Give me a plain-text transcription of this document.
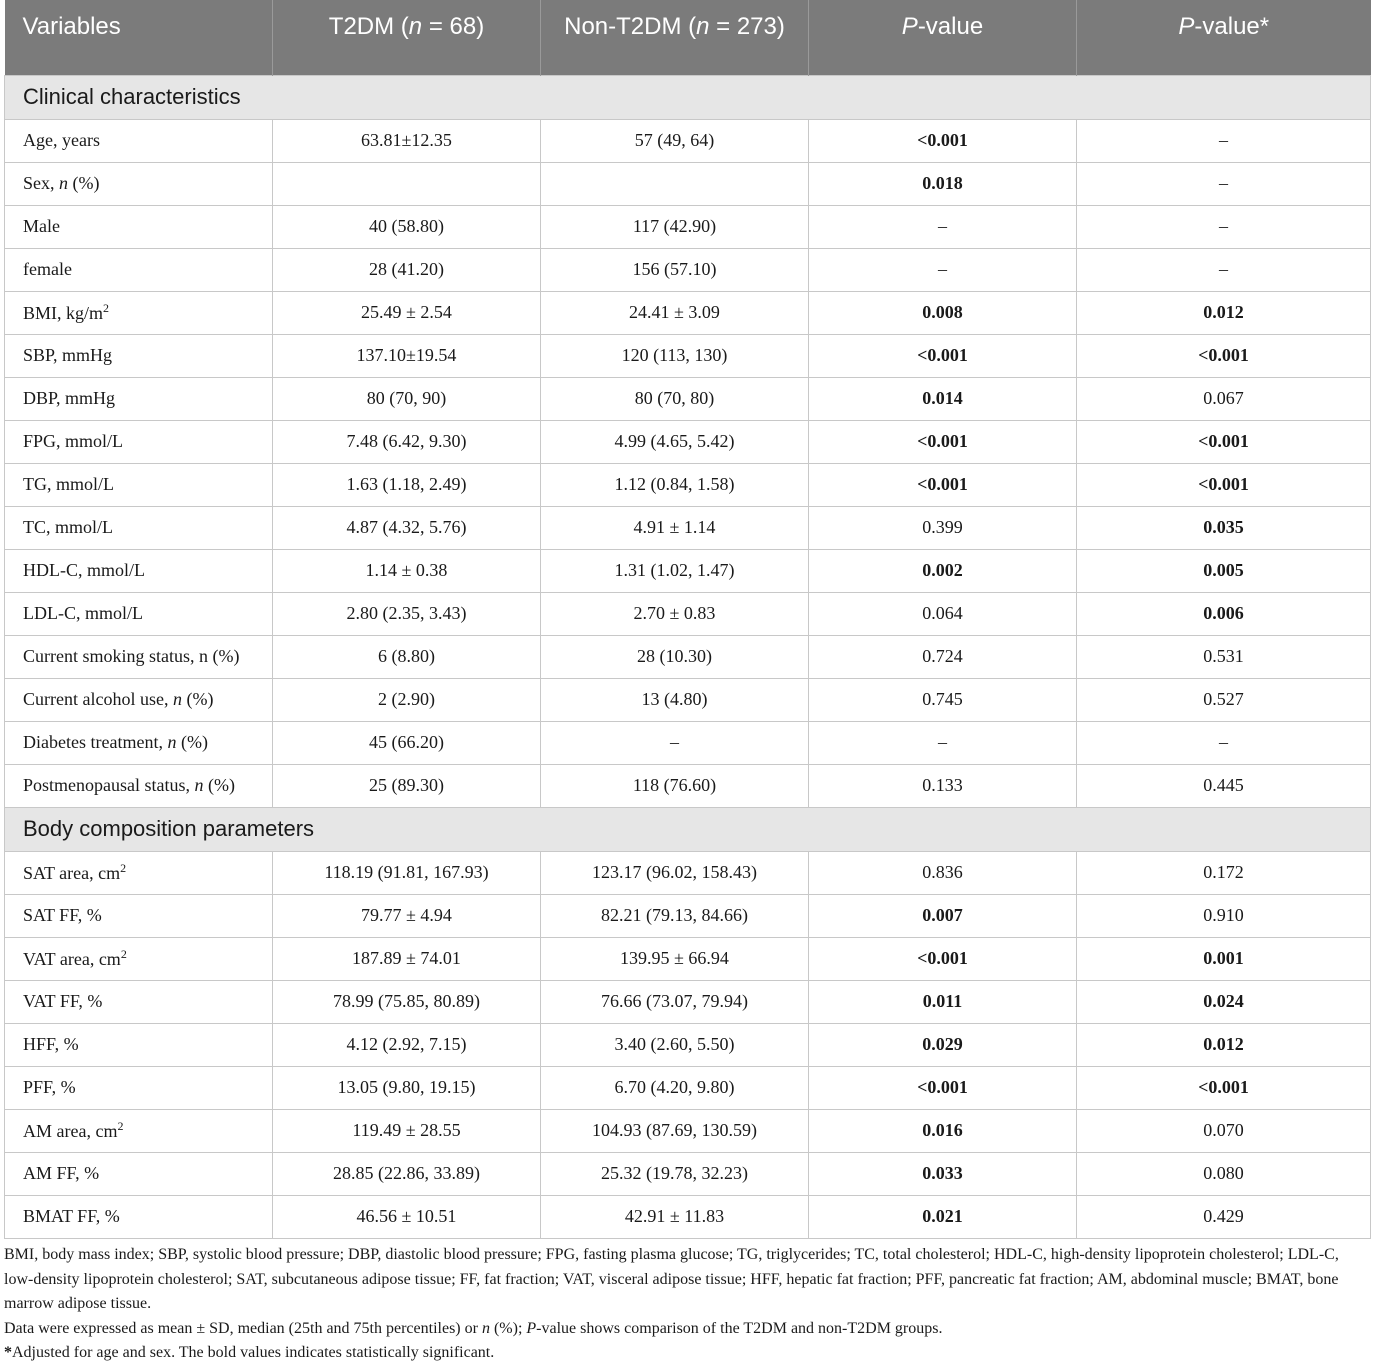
Variables	T2DM (n = 68)	Non-T2DM (n = 273)	P-value	P-value*
Clinical characteristics				
Age, years	63.81±12.35	57 (49, 64)	<0.001	–
Sex, n (%)			0.018	–
Male	40 (58.80)	117 (42.90)	–	–
female	28 (41.20)	156 (57.10)	–	–
BMI, $kg/m^2$	25.49 ± 2.54	24.41 ± 3.09	0.008	0.012
SBP, mmHg	137.10±19.54	120 (113, 130)	<0.001	<0.001
DBP, mmHg	80 (70, 90)	80 (70, 80)	0.014	0.067
FPG, mmol/L	7.48 (6.42, 9.30)	4.99 (4.65, 5.42)	<0.001	<0.001
TG, mmol/L	1.63 (1.18, 2.49)	1.12 (0.84, 1.58)	<0.001	<0.001
TC, mmol/L	4.87 (4.32, 5.76)	4.91 ± 1.14	0.399	0.035
HDL-C, mmol/L	1.14 ± 0.38	1.31 (1.02, 1.47)	0.002	0.005
LDL-C, mmol/L	2.80 (2.35, 3.43)	2.70 ± 0.83	0.064	0.006
Current smoking status, n (%)	6 (8.80)	28 (10.30)	0.724	0.531
Current alcohol use, n (%)	2 (2.90)	13 (4.80)	0.745	0.527
Diabetes treatment, n (%)	45 (66.20)	–	–	–
Postmenopausal status, n (%)	25 (89.30)	118 (76.60)	0.133	0.445
Body composition parameters				
SAT area, $cm^2$	118.19 (91.81, 167.93)	123.17 (96.02, 158.43)	0.836	0.172
SAT FF, %	79.77 ± 4.94	82.21 (79.13, 84.66)	0.007	0.910
VAT area, $cm^2$	187.89 ± 74.01	139.95 ± 66.94	<0.001	0.001
VAT FF, %	78.99 (75.85, 80.89)	76.66 (73.07, 79.94)	0.011	0.024
HFF, %	4.12 (2.92, 7.15)	3.40 (2.60, 5.50)	0.029	0.012
PFF, %	13.05 (9.80, 19.15)	6.70 (4.20, 9.80)	<0.001	<0.001
AM area, $cm^2$	119.49 ± 28.55	104.93 (87.69, 130.59)	0.016	0.070
AM FF, %	28.85 (22.86, 33.89)	25.32 (19.78, 32.23)	0.033	0.080
BMAT FF, %	46.56 ± 10.51	42.91 ± 11.83	0.021	0.429

BMI, body mass index; SBP, systolic blood pressure; DBP, diastolic blood pressure; FPG, fasting plasma glucose; TG, triglycerides; TC, total cholesterol; HDL-C, high-density lipoprotein cholesterol; LDL-C, low-density lipoprotein cholesterol; SAT, subcutaneous adipose tissue; FF, fat fraction; VAT, visceral adipose tissue; HFF, hepatic fat fraction; PFF, pancreatic fat fraction; AM, abdominal muscle; BMAT, bone marrow adipose tissue.

Data were expressed as mean ± SD, median (25th and 75th percentiles) or n (%); P-value shows comparison of the T2DM and non-T2DM groups.

*Adjusted for age and sex. The bold values indicates statistically significant.
